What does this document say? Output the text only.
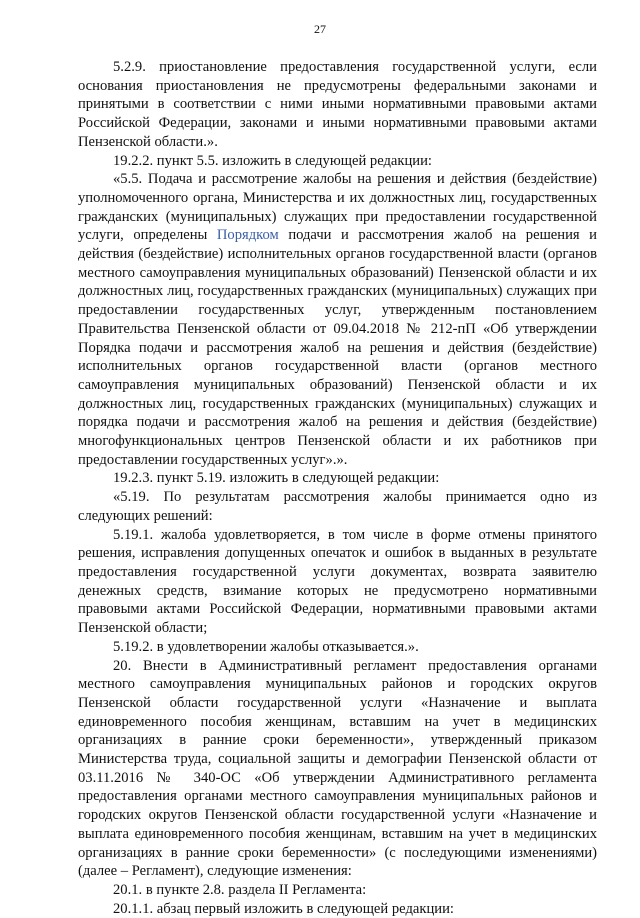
27

5.2.9. приостановление предоставления государственной услуги, если основания приостановления не предусмотрены федеральными законами и принятыми в соответствии с ними иными нормативными правовыми актами Российской Федерации, законами и иными нормативными правовыми актами Пензенской области.».

19.2.2. пункт 5.5. изложить в следующей редакции:

«5.5. Подача и рассмотрение жалобы на решения и действия (бездействие) уполномоченного органа, Министерства и их должностных лиц, государственных гражданских (муниципальных) служащих при предоставлении государственной услуги, определены Порядком подачи и рассмотрения жалоб на решения и действия (бездействие) исполнительных органов государственной власти (органов местного самоуправления муниципальных образований) Пензенской области и их должностных лиц, государственных гражданских (муниципальных) служащих при предоставлении государственных услуг, утвержденным постановлением Правительства Пензенской области от 09.04.2018 № 212-пП «Об утверждении Порядка подачи и рассмотрения жалоб на решения и действия (бездействие) исполнительных органов государственной власти (органов местного самоуправления муниципальных образований) Пензенской области и их должностных лиц, государственных гражданских (муниципальных) служащих и порядка подачи и рассмотрения жалоб на решения и действия (бездействие) многофункциональных центров Пензенской области и их работников при предоставлении государственных услуг».».

19.2.3. пункт 5.19. изложить в следующей редакции:

«5.19. По результатам рассмотрения жалобы принимается одно из следующих решений:

5.19.1. жалоба удовлетворяется, в том числе в форме отмены принятого решения, исправления допущенных опечаток и ошибок в выданных в результате предоставления государственной услуги документах, возврата заявителю денежных средств, взимание которых не предусмотрено нормативными правовыми актами Российской Федерации, нормативными правовыми актами Пензенской области;

5.19.2. в удовлетворении жалобы отказывается.».

20. Внести в Административный регламент предоставления органами местного самоуправления муниципальных районов и городских округов Пензенской области государственной услуги «Назначение и выплата единовременного пособия женщинам, вставшим на учет в медицинских организациях в ранние сроки беременности», утвержденный приказом Министерства труда, социальной защиты и демографии Пензенской области от 03.11.2016 № 340-ОС «Об утверждении Административного регламента предоставления органами местного самоуправления муниципальных районов и городских округов Пензенской области государственной услуги «Назначение и выплата единовременного пособия женщинам, вставшим на учет в медицинских организациях в ранние сроки беременности» (с последующими изменениями) (далее – Регламент), следующие изменения:

20.1. в пункте 2.8. раздела II Регламента:

20.1.1. абзац первый изложить в следующей редакции:
